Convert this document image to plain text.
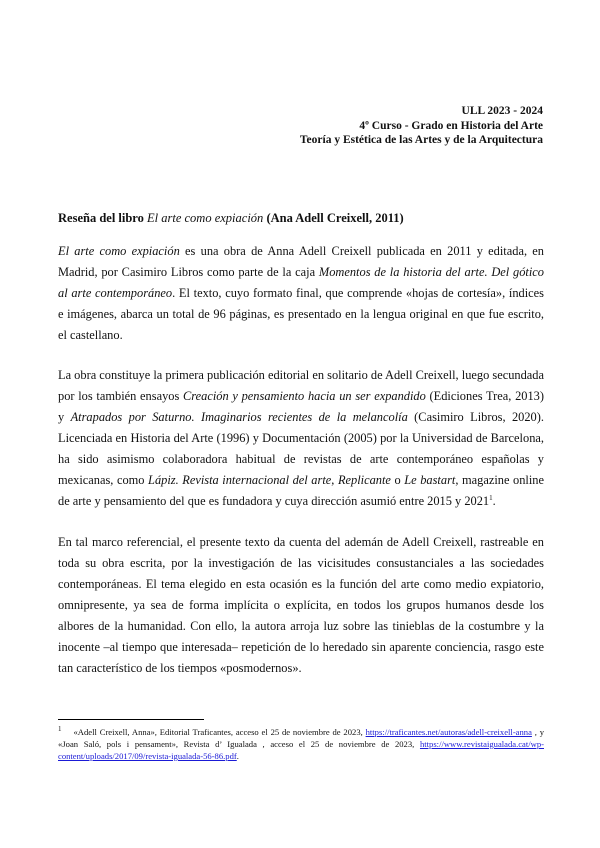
ULL 2023 - 2024
4º Curso - Grado en Historia del Arte
Teoría y Estética de las Artes y de la Arquitectura
Reseña del libro El arte como expiación (Ana Adell Creixell, 2011)

El arte como expiación es una obra de Anna Adell Creixell publicada en 2011 y editada, en Madrid, por Casimiro Libros como parte de la caja Momentos de la historia del arte. Del gótico al arte contemporáneo. El texto, cuyo formato final, que comprende «hojas de cortesía», índices e imágenes, abarca un total de 96 páginas, es presentado en la lengua original en que fue escrito, el castellano.

La obra constituye la primera publicación editorial en solitario de Adell Creixell, luego secundada por los también ensayos Creación y pensamiento hacia un ser expandido (Ediciones Trea, 2013) y Atrapados por Saturno. Imaginarios recientes de la melancolía (Casimiro Libros, 2020). Licenciada en Historia del Arte (1996) y Documentación (2005) por la Universidad de Barcelona, ha sido asimismo colaboradora habitual de revistas de arte contemporáneo españolas y mexicanas, como Lápiz. Revista internacional del arte, Replicante o Le bastart, magazine online de arte y pensamiento del que es fundadora y cuya dirección asumió entre 2015 y 2021$^1$.

En tal marco referencial, el presente texto da cuenta del ademán de Adell Creixell, rastreable en toda su obra escrita, por la investigación de las vicisitudes consustanciales a las sociedades contemporáneas. El tema elegido en esta ocasión es la función del arte como medio expiatorio, omnipresente, ya sea de forma implícita o explícita, en todos los grupos humanos desde los albores de la humanidad. Con ello, la autora arroja luz sobre las tinieblas de la costumbre y la inocente –al tiempo que interesada– repetición de lo heredado sin aparente conciencia, rasgo este tan característico de los tiempos «posmodernos».

$^1$ «Adell Creixell, Anna», Editorial Traficantes, acceso el 25 de noviembre de 2023, https://traficantes.net/autoras/adell-creixell-anna , y «Joan Saló, pols i pensament», Revista d’ Igualada , acceso el 25 de noviembre de 2023, https://www.revistaigualada.cat/wp-content/uploads/2017/09/revista-igualada-56-86.pdf.
